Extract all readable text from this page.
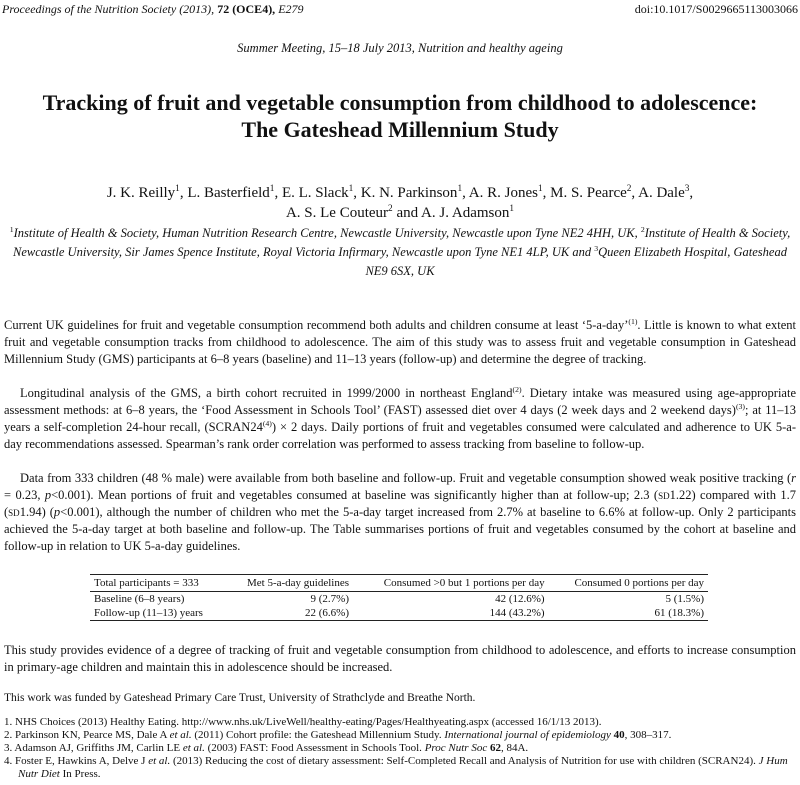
Proceedings of the Nutrition Society (2013), 72 (OCE4), E279	doi:10.1017/S0029665113003066
Summer Meeting, 15–18 July 2013, Nutrition and healthy ageing
Tracking of fruit and vegetable consumption from childhood to adolescence: The Gateshead Millennium Study
J. K. Reilly$^1$, L. Basterfield$^1$, E. L. Slack$^1$, K. N. Parkinson$^1$, A. R. Jones$^1$, M. S. Pearce$^2$, A. Dale$^3$,
A. S. Le Couteur$^2$ and A. J. Adamson$^1$
$^1$Institute of Health & Society, Human Nutrition Research Centre, Newcastle University, Newcastle upon Tyne NE2 4HH, UK, $^2$Institute of Health & Society, Newcastle University, Sir James Spence Institute, Royal Victoria Infirmary, Newcastle upon Tyne NE1 4LP, UK and $^3$Queen Elizabeth Hospital, Gateshead NE9 6SX, UK

Current UK guidelines for fruit and vegetable consumption recommend both adults and children consume at least ‘5-a-day’$^{(1)}$. Little is known to what extent fruit and vegetable consumption tracks from childhood to adolescence. The aim of this study was to assess fruit and vegetable consumption in Gateshead Millennium Study (GMS) participants at 6–8 years (baseline) and 11–13 years (follow-up) and determine the degree of tracking.

Longitudinal analysis of the GMS, a birth cohort recruited in 1999/2000 in northeast England$^{(2)}$. Dietary intake was measured using age-appropriate assessment methods: at 6–8 years, the ‘Food Assessment in Schools Tool’ (FAST) assessed diet over 4 days (2 week days and 2 weekend days)$^{(3)}$; at 11–13 years a self-completion 24-hour recall, $(SCRAN24^{(4)}) \times 2$ days. Daily portions of fruit and vegetables consumed were calculated and adherence to UK 5-a-day recommendations assessed. Spearman’s rank order correlation was performed to assess tracking from baseline to follow-up.

Data from 333 children (48 % male) were available from both baseline and follow-up. Fruit and vegetable consumption showed weak positive tracking (r = 0.23, p<0.001). Mean portions of fruit and vegetables consumed at baseline was significantly higher than at follow-up; 2.3 (sd1.22) compared with 1.7 (sd1.94) (p<0.001), although the number of children who met the 5-a-day target increased from 2.7% at baseline to 6.6% at follow-up. Only 2 participants achieved the 5-a-day target at both baseline and follow-up. The Table summarises portions of fruit and vegetables consumed by the cohort at baseline and follow-up in relation to UK 5-a-day guidelines.

Total participants = 333	Met 5-a-day guidelines	Consumed >0 but 1 portions per day	Consumed 0 portions per day
Baseline (6–8 years)	9 (2.7%)	42 (12.6%)	5 (1.5%)
Follow-up (11–13) years	22 (6.6%)	144 (43.2%)	61 (18.3%)

This study provides evidence of a degree of tracking of fruit and vegetable consumption from childhood to adolescence, and efforts to increase consumption in primary-age children and maintain this in adolescence should be increased.

This work was funded by Gateshead Primary Care Trust, University of Strathclyde and Breathe North.

1. NHS Choices (2013) Healthy Eating. http://www.nhs.uk/LiveWell/healthy-eating/Pages/Healthyeating.aspx (accessed 16/1/13 2013).
2. Parkinson KN, Pearce MS, Dale A et al. (2011) Cohort profile: the Gateshead Millennium Study. International journal of epidemiology 40, 308–317.
3. Adamson AJ, Griffiths JM, Carlin LE et al. (2003) FAST: Food Assessment in Schools Tool. Proc Nutr Soc 62, 84A.
4. Foster E, Hawkins A, Delve J et al. (2013) Reducing the cost of dietary assessment: Self-Completed Recall and Analysis of Nutrition for use with children (SCRAN24). J Hum Nutr Diet In Press.
